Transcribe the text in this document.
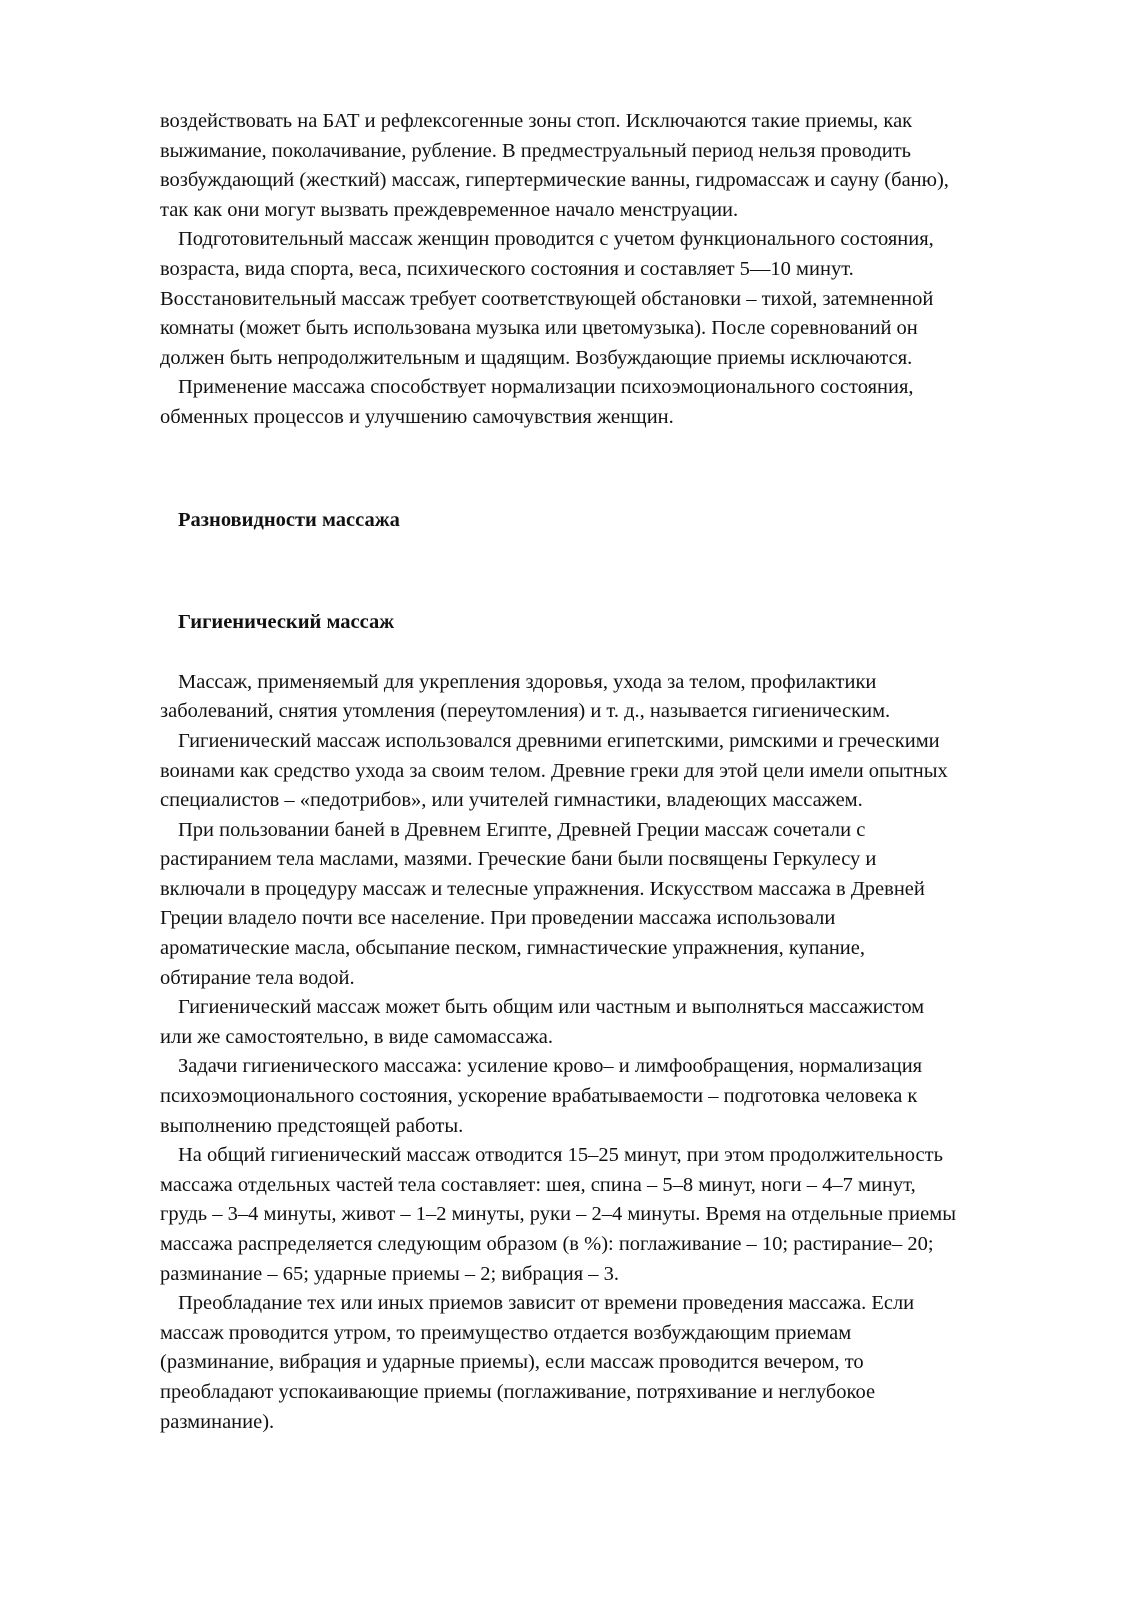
воздействовать на БАТ и рефлексогенные зоны стоп. Исключаются такие приемы, как
выжимание, поколачивание, рубление. В предместруальный период нельзя проводить
возбуждающий (жесткий) массаж, гипертермические ванны, гидромассаж и сауну (баню),
так как они могут вызвать преждевременное начало менструации.
Подготовительный массаж женщин проводится с учетом функционального состояния,
возраста, вида спорта, веса, психического состояния и составляет 5—10 минут.
Восстановительный массаж требует соответствующей обстановки – тихой, затемненной
комнаты (может быть использована музыка или цветомузыка). После соревнований он
должен быть непродолжительным и щадящим. Возбуждающие приемы исключаются.
Применение массажа способствует нормализации психоэмоционального состояния,
обменных процессов и улучшению самочувствия женщин.
Разновидности массажа
Гигиенический массаж
Массаж, применяемый для укрепления здоровья, ухода за телом, профилактики
заболеваний, снятия утомления (переутомления) и т. д., называется гигиеническим.
Гигиенический массаж использовался древними египетскими, римскими и греческими
воинами как средство ухода за своим телом. Древние греки для этой цели имели опытных
специалистов – «педотрибов», или учителей гимнастики, владеющих массажем.
При пользовании баней в Древнем Египте, Древней Греции массаж сочетали с
растиранием тела маслами, мазями. Греческие бани были посвящены Геркулесу и
включали в процедуру массаж и телесные упражнения. Искусством массажа в Древней
Греции владело почти все население. При проведении массажа использовали
ароматические масла, обсыпание песком, гимнастические упражнения, купание,
обтирание тела водой.
Гигиенический массаж может быть общим или частным и выполняться массажистом
или же самостоятельно, в виде самомассажа.
Задачи гигиенического массажа: усиление крово– и лимфообращения, нормализация
психоэмоционального состояния, ускорение врабатываемости – подготовка человека к
выполнению предстоящей работы.
На общий гигиенический массаж отводится 15–25 минут, при этом продолжительность
массажа отдельных частей тела составляет: шея, спина – 5–8 минут, ноги – 4–7 минут,
грудь – 3–4 минуты, живот – 1–2 минуты, руки – 2–4 минуты. Время на отдельные приемы
массажа распределяется следующим образом (в %): поглаживание – 10; растирание– 20;
разминание – 65; ударные приемы – 2; вибрация – 3.
Преобладание тех или иных приемов зависит от времени проведения массажа. Если
массаж проводится утром, то преимущество отдается возбуждающим приемам
(разминание, вибрация и ударные приемы), если массаж проводится вечером, то
преобладают успокаивающие приемы (поглаживание, потряхивание и неглубокое
разминание).
